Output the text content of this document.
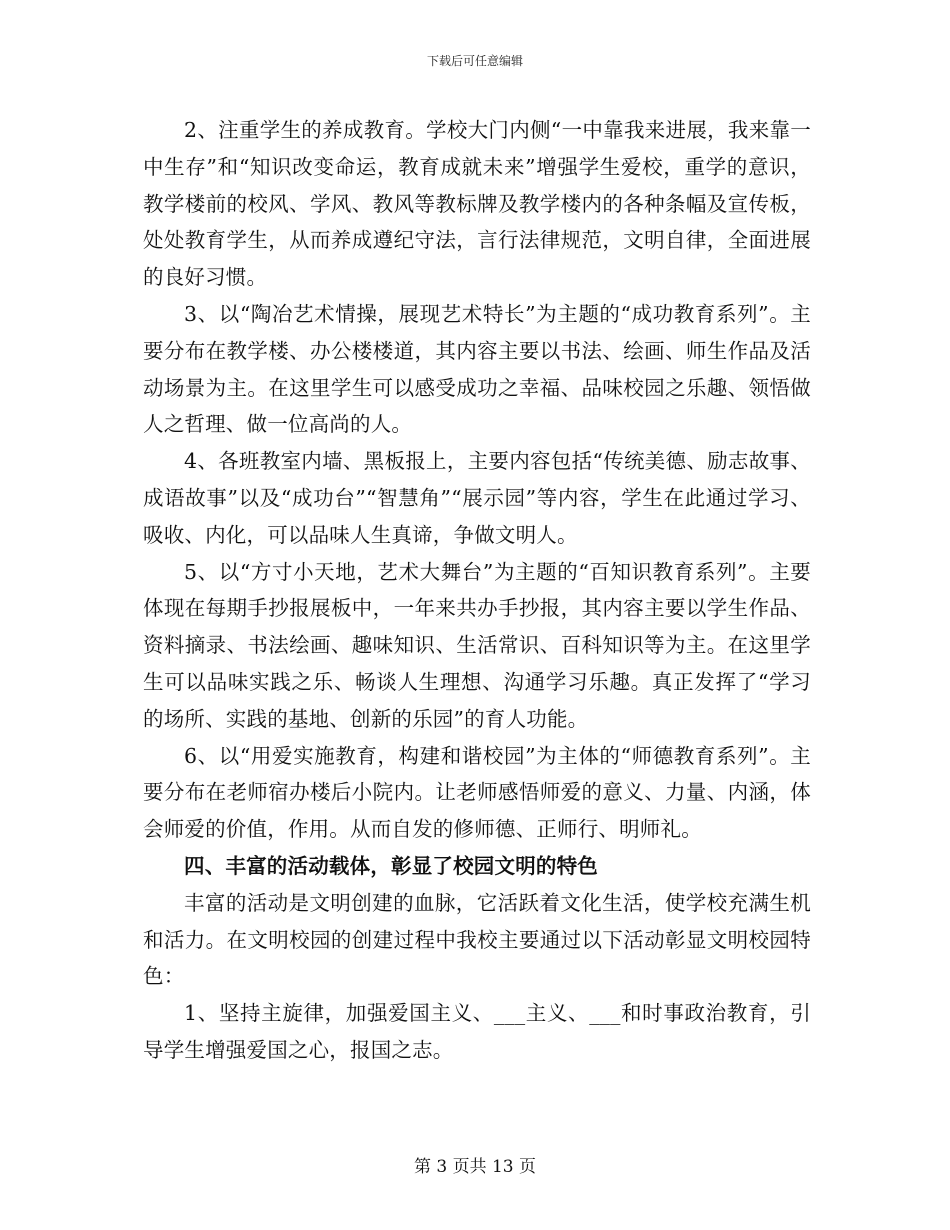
下载后可任意编辑

2、注重学生的养成教育。学校大门内侧“一中靠我来进展，我来靠一中生存”和“知识改变命运，教育成就未来”增强学生爱校，重学的意识，教学楼前的校风、学风、教风等教标牌及教学楼内的各种条幅及宣传板，处处教育学生，从而养成遵纪守法，言行法律规范，文明自律，全面进展的良好习惯。

3、以“陶冶艺术情操，展现艺术特长”为主题的“成功教育系列”。主要分布在教学楼、办公楼楼道，其内容主要以书法、绘画、师生作品及活动场景为主。在这里学生可以感受成功之幸福、品味校园之乐趣、领悟做人之哲理、做一位高尚的人。

4、各班教室内墙、黑板报上，主要内容包括“传统美德、励志故事、成语故事”以及“成功台”“智慧角”“展示园”等内容，学生在此通过学习、吸收、内化，可以品味人生真谛，争做文明人。

5、以“方寸小天地，艺术大舞台”为主题的“百知识教育系列”。主要体现在每期手抄报展板中，一年来共办手抄报，其内容主要以学生作品、资料摘录、书法绘画、趣味知识、生活常识、百科知识等为主。在这里学生可以品味实践之乐、畅谈人生理想、沟通学习乐趣。真正发挥了“学习的场所、实践的基地、创新的乐园”的育人功能。

6、以“用爱实施教育，构建和谐校园”为主体的“师德教育系列”。主要分布在老师宿办楼后小院内。让老师感悟师爱的意义、力量、内涵，体会师爱的价值，作用。从而自发的修师德、正师行、明师礼。

四、丰富的活动载体，彰显了校园文明的特色

丰富的活动是文明创建的血脉，它活跃着文化生活，使学校充满生机和活力。在文明校园的创建过程中我校主要通过以下活动彰显文明校园特色：

1、坚持主旋律，加强爱国主义、___主义、___和时事政治教育，引导学生增强爱国之心，报国之志。

第 3 页共 13 页
